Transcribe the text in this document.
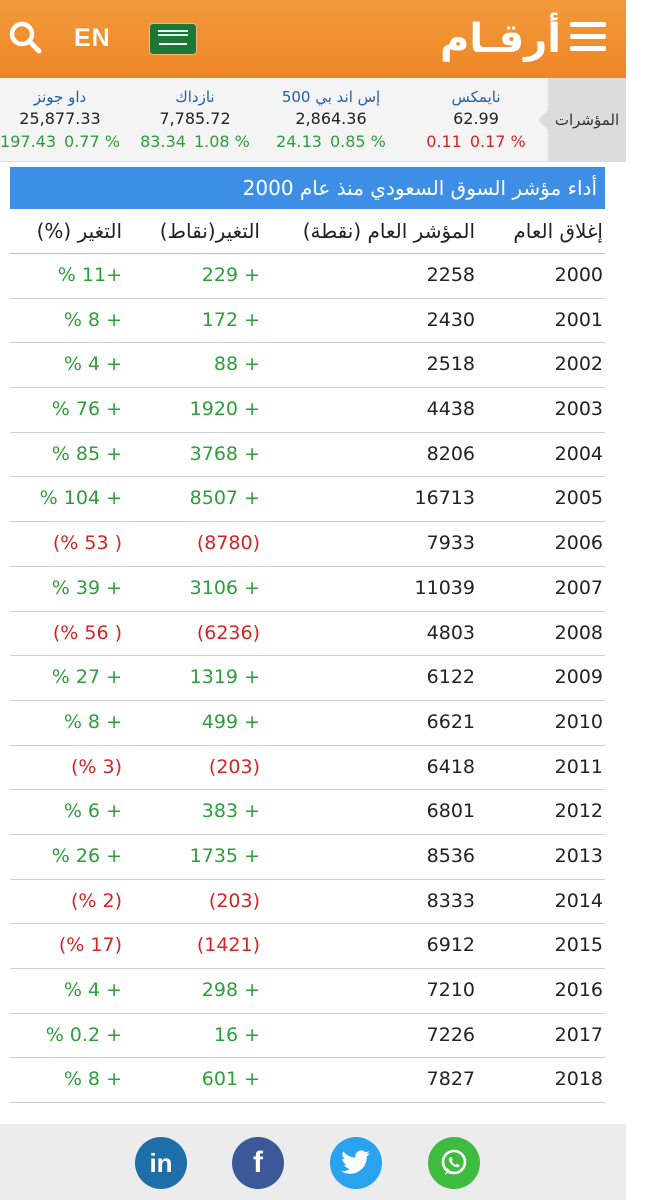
EN	أرقـام
المؤشرات
نايمكس
62.99
0.11 0.17 %
إس اند بي 500
2,864.36
24.13 0.85 %
نازداك
7,785.72
83.34 1.08 %
داو جونز
25,877.33
197.43 0.77 %
أداء مؤشر السوق السعودي منذ عام 2000
إغلاق العام
المؤشر العام (نقطة)
التغير(نقاط)
التغير (%)
2000
2258
229 +
% 11+
2001
2430
172 +
% 8 +
2002
2518
88 +
% 4 +
2003
4438
1920 +
% 76 +
2004
8206
3768 +
% 85 +
2005
16713
8507 +
% 104 +
2006
7933
(8780)
(% 53 )
2007
11039
3106 +
% 39 +
2008
4803
(6236)
(% 56 )
2009
6122
1319 +
% 27 +
2010
6621
499 +
% 8 +
2011
6418
(203)
(% 3)
2012
6801
383 +
% 6 +
2013
8536
1735 +
% 26 +
2014
8333
(203)
(% 2)
2015
6912
(1421)
(% 17)
2016
7210
298 +
% 4 +
2017
7226
16 +
% 0.2 +
2018
7827
601 +
% 8 +
in	f
